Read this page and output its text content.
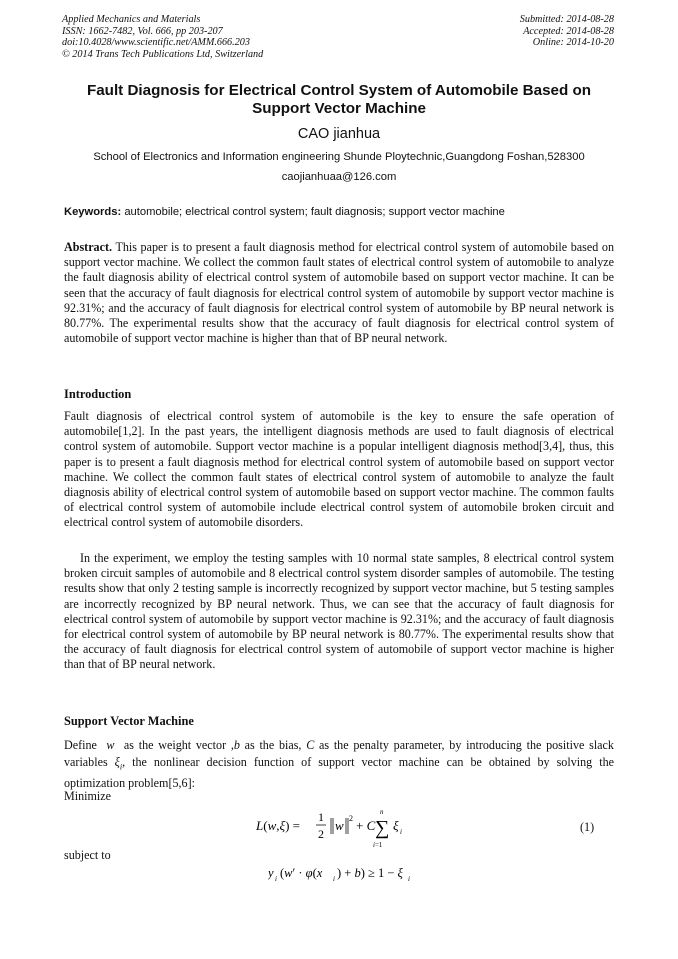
Applied Mechanics and Materials
ISSN: 1662-7482, Vol. 666, pp 203-207
doi:10.4028/www.scientific.net/AMM.666.203
© 2014 Trans Tech Publications Ltd, Switzerland
Submitted: 2014-08-28
Accepted: 2014-08-28
Online: 2014-10-20
Fault Diagnosis for Electrical Control System of Automobile Based on
Support Vector Machine
CAO jianhua
School of Electronics and Information engineering Shunde Ploytechnic,Guangdong Foshan,528300
caojianhuaa@126.com
Keywords: automobile; electrical control system; fault diagnosis; support vector machine

Abstract. This paper is to present a fault diagnosis method for electrical control system of automobile based on support vector machine. We collect the common fault states of electrical control system of automobile to analyze the fault diagnosis ability of electrical control system of automobile based on support vector machine. It can be seen that the accuracy of fault diagnosis for electrical control system of automobile by support vector machine is 92.31%; and the accuracy of fault diagnosis for electrical control system of automobile by BP neural network is 80.77%. The experimental results show that the accuracy of fault diagnosis for electrical control system of automobile of support vector machine is higher than that of BP neural network.

Introduction

Fault diagnosis of electrical control system of automobile is the key to ensure the safe operation of automobile[1,2]. In the past years, the intelligent diagnosis methods are used to fault diagnosis of electrical control system of automobile. Support vector machine is a popular intelligent diagnosis method[3,4], thus, this paper is to present a fault diagnosis method for electrical control system of automobile based on support vector machine. We collect the common fault states of electrical control system of automobile to analyze the fault diagnosis ability of electrical control system of automobile based on support vector machine. The common faults of electrical control system of automobile include electrical control system of automobile broken circuit and electrical control system of automobile disorders.

In the experiment, we employ the testing samples with 10 normal state samples, 8 electrical control system broken circuit samples of automobile and 8 electrical control system disorder samples of automobile. The testing results show that only 2 testing sample is incorrectly recognized by support vector machine, but 5 testing samples are incorrectly recognized by BP neural network. Thus, we can see that the accuracy of fault diagnosis for electrical control system of automobile by support vector machine is 92.31%; and the accuracy of fault diagnosis for electrical control system of automobile by BP neural network is 80.77%. The experimental results show that the accuracy of fault diagnosis for electrical control system of automobile of support vector machine is higher than that of BP neural network.

Support Vector Machine

Define  w  as the weight vector ,b as the bias, C as the penalty parameter, by introducing the positive slack variables $\xi_i$, the nonlinear decision function of support vector machine can be obtained by solving the optimization problem[5,6]:

Minimize
L(w,ξ) =
1
2
w 2 + C
n
∑
i=1
ξ i	(1)
subject to
y i (w′ · φ(x i ) + b) ≥ 1 − ξ i
